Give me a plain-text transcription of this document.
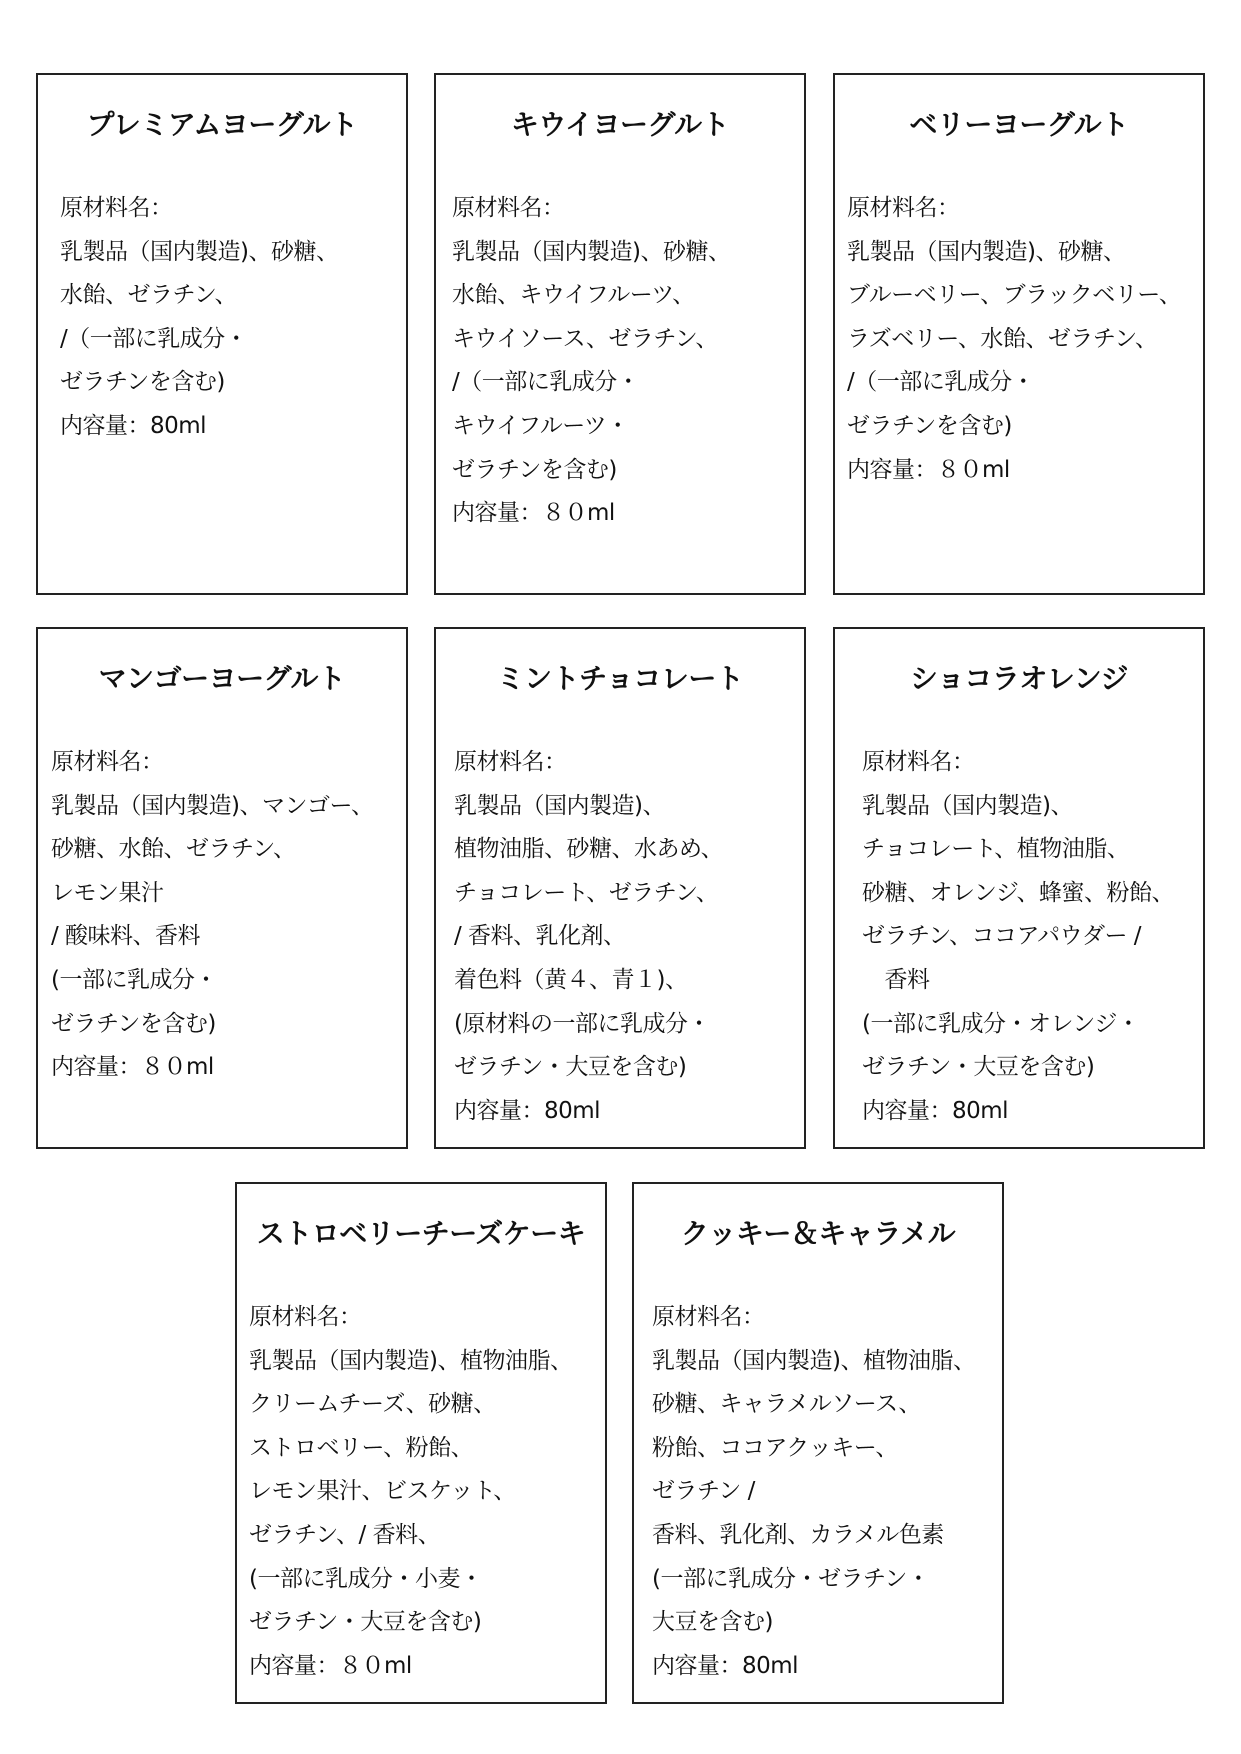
プレミアムヨーグルト
原材料名：
乳製品（国内製造)、砂糖、
水飴、ゼラチン、
/（一部に乳成分・
ゼラチンを含む)
内容量：80ml
キウイヨーグルト
原材料名：
乳製品（国内製造)、砂糖、
水飴、キウイフルーツ、
キウイソース、ゼラチン、
/（一部に乳成分・
キウイフルーツ・
ゼラチンを含む)
内容量：８０ml
ベリーヨーグルト
原材料名：
乳製品（国内製造)、砂糖、
ブルーベリー、ブラックベリー、
ラズベリー、水飴、ゼラチン、
/（一部に乳成分・
ゼラチンを含む)
内容量：８０ml
マンゴーヨーグルト
原材料名：
乳製品（国内製造)、マンゴー、
砂糖、水飴、ゼラチン、
レモン果汁
/ 酸味料、香料
(一部に乳成分・
ゼラチンを含む)
内容量：８０ml
ミントチョコレート
原材料名：
乳製品（国内製造)、
植物油脂、砂糖、水あめ、
チョコレート、ゼラチン、
/ 香料、乳化剤、
着色料（黄４、青１)、
(原材料の一部に乳成分・
ゼラチン・大豆を含む)
内容量：80ml
ショコラオレンジ
原材料名：
乳製品（国内製造)、
チョコレート、植物油脂、
砂糖、オレンジ、蜂蜜、粉飴、
ゼラチン、ココアパウダー /
　香料
(一部に乳成分・オレンジ・
ゼラチン・大豆を含む)
内容量：80ml
ストロベリーチーズケーキ
原材料名：
乳製品（国内製造)、植物油脂、
クリームチーズ、砂糖、
ストロベリー、粉飴、
レモン果汁、ビスケット、
ゼラチン、/ 香料、
(一部に乳成分・小麦・
ゼラチン・大豆を含む)
内容量：８０ml
クッキー＆キャラメル
原材料名：
乳製品（国内製造)、植物油脂、
砂糖、キャラメルソース、
粉飴、ココアクッキー、
ゼラチン /
香料、乳化剤、カラメル色素
(一部に乳成分・ゼラチン・
大豆を含む)
内容量：80ml
